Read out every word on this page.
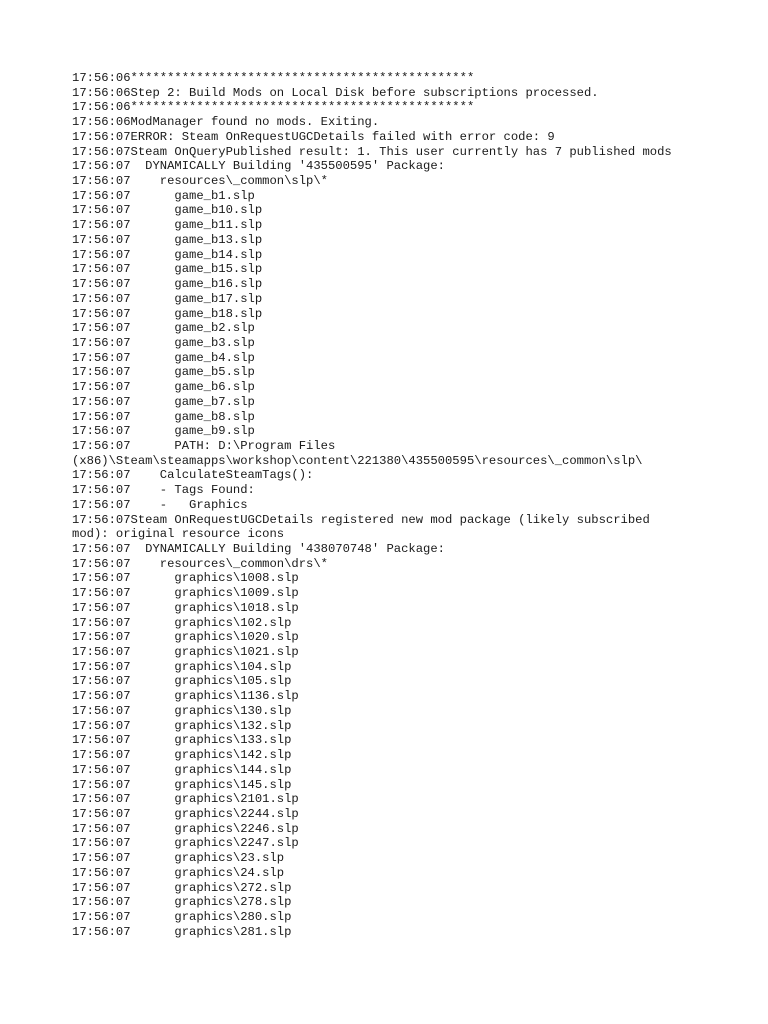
17:56:06***********************************************
17:56:06Step 2: Build Mods on Local Disk before subscriptions processed.
17:56:06***********************************************
17:56:06ModManager found no mods. Exiting.
17:56:07ERROR: Steam OnRequestUGCDetails failed with error code: 9
17:56:07Steam OnQueryPublished result: 1. This user currently has 7 published mods
17:56:07  DYNAMICALLY Building '435500595' Package:
17:56:07    resources\_common\slp\*
17:56:07      game_b1.slp
17:56:07      game_b10.slp
17:56:07      game_b11.slp
17:56:07      game_b13.slp
17:56:07      game_b14.slp
17:56:07      game_b15.slp
17:56:07      game_b16.slp
17:56:07      game_b17.slp
17:56:07      game_b18.slp
17:56:07      game_b2.slp
17:56:07      game_b3.slp
17:56:07      game_b4.slp
17:56:07      game_b5.slp
17:56:07      game_b6.slp
17:56:07      game_b7.slp
17:56:07      game_b8.slp
17:56:07      game_b9.slp
17:56:07      PATH: D:\Program Files
(x86)\Steam\steamapps\workshop\content\221380\435500595\resources\_common\slp\
17:56:07    CalculateSteamTags():
17:56:07    - Tags Found:
17:56:07    -   Graphics
17:56:07Steam OnRequestUGCDetails registered new mod package (likely subscribed
mod): original resource icons
17:56:07  DYNAMICALLY Building '438070748' Package:
17:56:07    resources\_common\drs\*
17:56:07      graphics\1008.slp
17:56:07      graphics\1009.slp
17:56:07      graphics\1018.slp
17:56:07      graphics\102.slp
17:56:07      graphics\1020.slp
17:56:07      graphics\1021.slp
17:56:07      graphics\104.slp
17:56:07      graphics\105.slp
17:56:07      graphics\1136.slp
17:56:07      graphics\130.slp
17:56:07      graphics\132.slp
17:56:07      graphics\133.slp
17:56:07      graphics\142.slp
17:56:07      graphics\144.slp
17:56:07      graphics\145.slp
17:56:07      graphics\2101.slp
17:56:07      graphics\2244.slp
17:56:07      graphics\2246.slp
17:56:07      graphics\2247.slp
17:56:07      graphics\23.slp
17:56:07      graphics\24.slp
17:56:07      graphics\272.slp
17:56:07      graphics\278.slp
17:56:07      graphics\280.slp
17:56:07      graphics\281.slp
